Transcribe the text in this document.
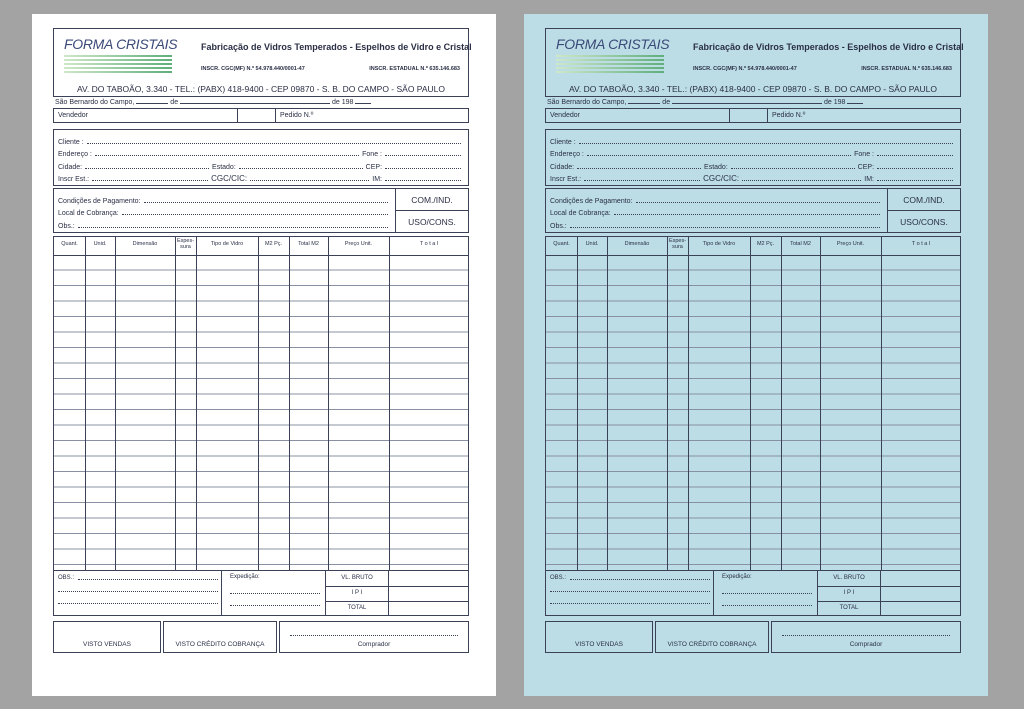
FORMA CRISTAIS	Fabricação de Vidros Temperados - Espelhos de Vidro e Cristal
INSCR. CGC(MF) N.º 54.978.440/0001-47	INSCR. ESTADUAL N.º 635.146.683
AV. DO TABOÃO, 3.340 - TEL.: (PABX) 418-9400 - CEP 09870 - S. B. DO CAMPO - SÃO PAULO
São Bernardo do Campo,	de	de 198
Vendedor	Pedido N.º
Cliente :
Endereço :	Fone :
Cidade:	Estado:	CEP:
Inscr Est.:	CGC/CIC:	IM:
Condições de Pagamento:
Local de Cobrança:
Obs.:
COM./IND.
USO/CONS.
Quant.	Unid.	Dimensão	Espes-sura	Tipo de Vidro	M2 Pç.	Total M2	Preço Unit.	T o t a l
OBS.:	Expedição:	VL. BRUTO
I P I
TOTAL
VISTO VENDAS	VISTO CRÉDITO COBRANÇA	Comprador
FORMA CRISTAIS	Fabricação de Vidros Temperados - Espelhos de Vidro e Cristal
INSCR. CGC(MF) N.º 54.978.440/0001-47	INSCR. ESTADUAL N.º 635.146.683
AV. DO TABOÃO, 3.340 - TEL.: (PABX) 418-9400 - CEP 09870 - S. B. DO CAMPO - SÃO PAULO
São Bernardo do Campo,	de	de 198
Vendedor	Pedido N.º
Cliente :
Endereço :	Fone :
Cidade:	Estado:	CEP:
Inscr Est.:	CGC/CIC:	IM:
Condições de Pagamento:
Local de Cobrança:
Obs.:
COM./IND.
USO/CONS.
Quant.	Unid.	Dimensão	Espes-sura	Tipo de Vidro	M2 Pç.	Total M2	Preço Unit.	T o t a l
OBS.:	Expedição:	VL. BRUTO
I P I
TOTAL
VISTO VENDAS	VISTO CRÉDITO COBRANÇA	Comprador
